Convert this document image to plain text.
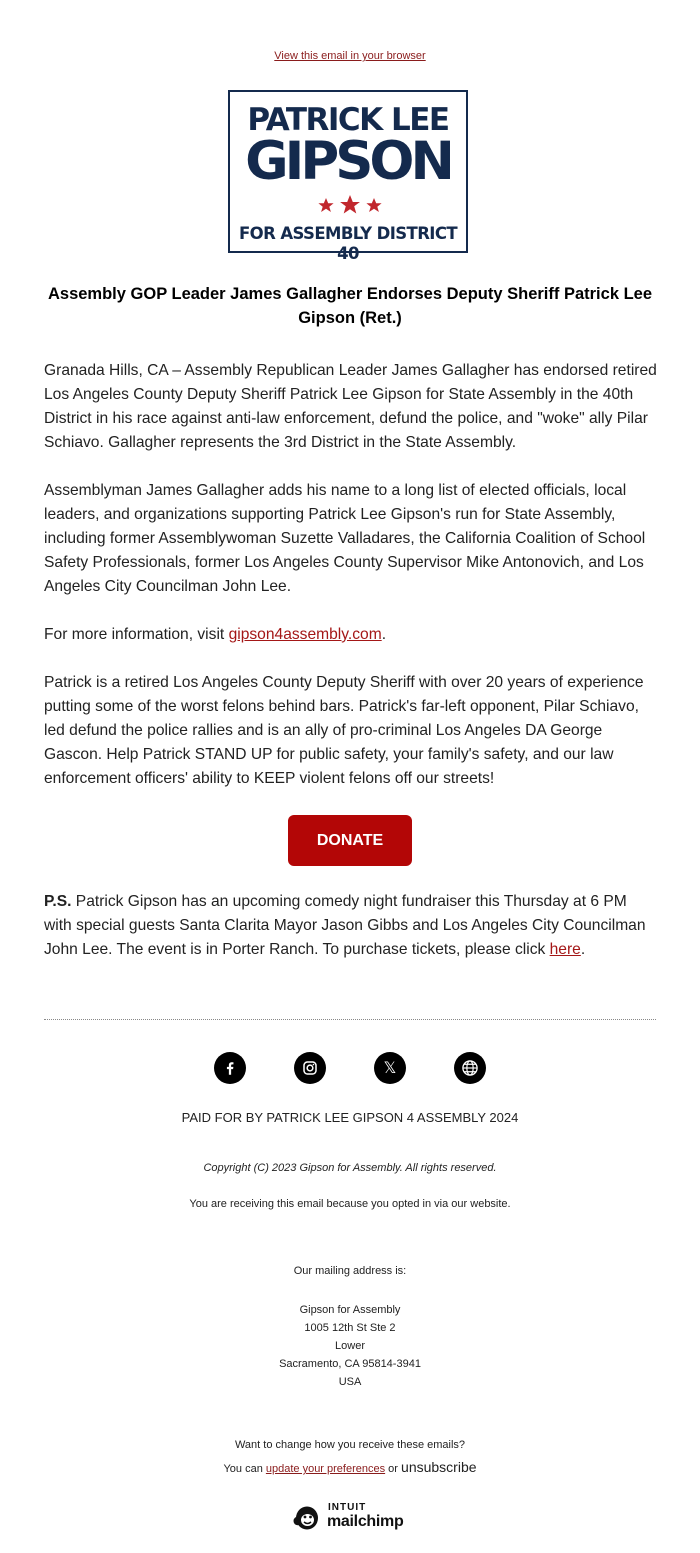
View this email in your browser
PATRICK LEE
GIPSON
FOR ASSEMBLY DISTRICT 40
Assembly GOP Leader James Gallagher Endorses Deputy Sheriff Patrick Lee Gipson (Ret.)

Granada Hills, CA – Assembly Republican Leader James Gallagher has endorsed retired Los Angeles County Deputy Sheriff Patrick Lee Gipson for State Assembly in the 40th District in his race against anti-law enforcement, defund the police, and "woke" ally Pilar Schiavo. Gallagher represents the 3rd District in the State Assembly.

Assemblyman James Gallagher adds his name to a long list of elected officials, local leaders, and organizations supporting Patrick Lee Gipson's run for State Assembly, including former Assemblywoman Suzette Valladares, the California Coalition of School Safety Professionals, former Los Angeles County Supervisor Mike Antonovich, and Los Angeles City Councilman John Lee.

For more information, visit gipson4assembly.com.

Patrick is a retired Los Angeles County Deputy Sheriff with over 20 years of experience putting some of the worst felons behind bars. Patrick's far-left opponent, Pilar Schiavo, led defund the police rallies and is an ally of pro-criminal Los Angeles DA George Gascon. Help Patrick STAND UP for public safety, your family's safety, and our law enforcement officers' ability to KEEP violent felons off our streets!

DONATE

P.S. Patrick Gipson has an upcoming comedy night fundraiser this Thursday at 6 PM with special guests Santa Clarita Mayor Jason Gibbs and Los Angeles City Councilman John Lee. The event is in Porter Ranch. To purchase tickets, please click here.

𝕏
PAID FOR BY PATRICK LEE GIPSON 4 ASSEMBLY 2024
Copyright (C) 2023 Gipson for Assembly. All rights reserved.
You are receiving this email because you opted in via our website.
Our mailing address is:
Gipson for Assembly
1005 12th St Ste 2
Lower
Sacramento, CA 95814-3941
USA
Want to change how you receive these emails?
You can update your preferences or unsubscribe
INTUIT
mailchimp
